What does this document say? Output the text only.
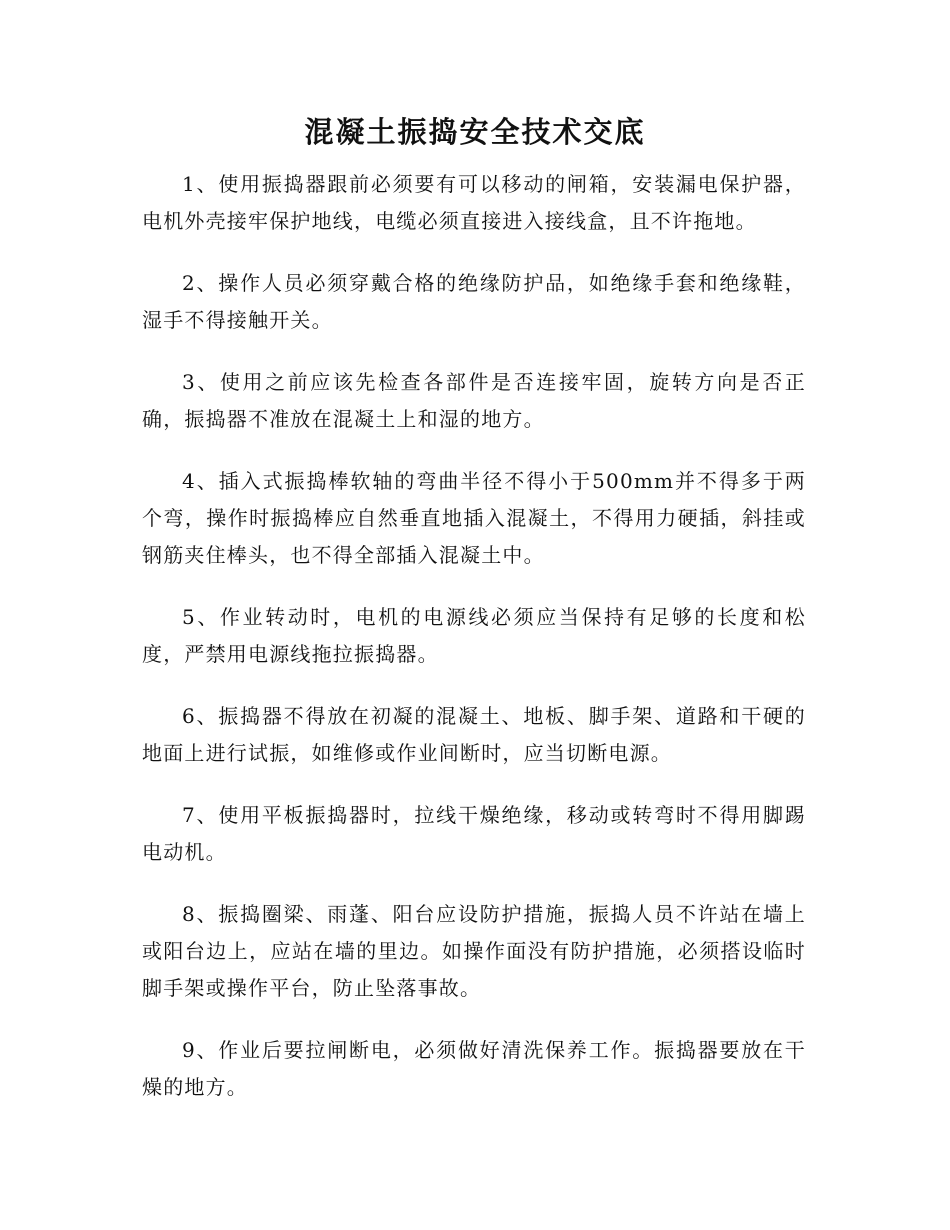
混凝土振捣安全技术交底

1、使用振捣器跟前必须要有可以移动的闸箱，安装漏电保护器，电机外壳接牢保护地线，电缆必须直接进入接线盒，且不许拖地。

2、操作人员必须穿戴合格的绝缘防护品，如绝缘手套和绝缘鞋，湿手不得接触开关。

3、使用之前应该先检查各部件是否连接牢固，旋转方向是否正确，振捣器不准放在混凝土上和湿的地方。

4、插入式振捣棒软轴的弯曲半径不得小于500mm并不得多于两个弯，操作时振捣棒应自然垂直地插入混凝土，不得用力硬插，斜挂或钢筋夹住棒头，也不得全部插入混凝土中。

5、作业转动时，电机的电源线必须应当保持有足够的长度和松度，严禁用电源线拖拉振捣器。

6、振捣器不得放在初凝的混凝土、地板、脚手架、道路和干硬的地面上进行试振，如维修或作业间断时，应当切断电源。

7、使用平板振捣器时，拉线干燥绝缘，移动或转弯时不得用脚踢电动机。

8、振捣圈梁、雨蓬、阳台应设防护措施，振捣人员不许站在墙上或阳台边上，应站在墙的里边。如操作面没有防护措施，必须搭设临时脚手架或操作平台，防止坠落事故。

9、作业后要拉闸断电，必须做好清洗保养工作。振捣器要放在干燥的地方。
